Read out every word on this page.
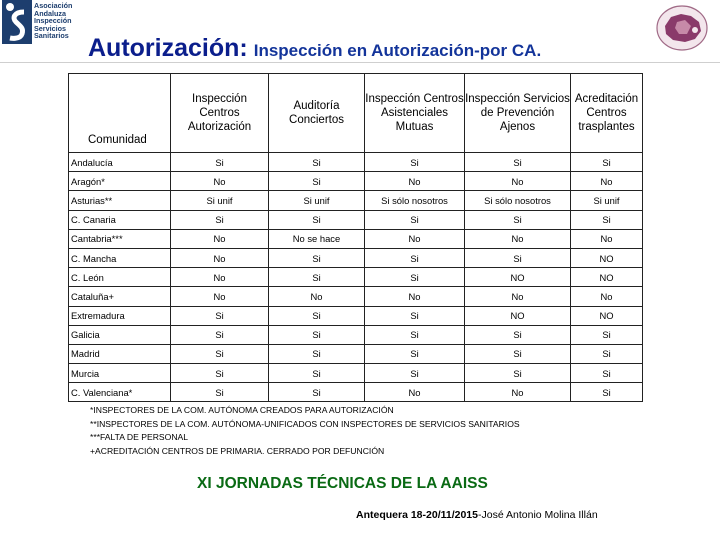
Asociación
Andaluza
Inspección
Servicios
Sanitarios Autorización: Inspección en Autorización-por CA.
Comunidad	Inspección Centros Autorización	Auditoría Conciertos	Inspección Centros Asistenciales Mutuas	Inspección Servicios de Prevención Ajenos	Acreditación Centros trasplantes
Andalucía	Si	Si	Si	Si	Si
Aragón*	No	Si	No	No	No
Asturias**	Si unif	Si unif	Si sólo nosotros	Si sólo nosotros	Si unif
C. Canaria	Si	Si	Si	Si	Si
Cantabria***	No	No se hace	No	No	No
C. Mancha	No	Si	Si	Si	NO
C. León	No	Si	Si	NO	NO
Cataluña+	No	No	No	No	No
Extremadura	Si	Si	Si	NO	NO
Galicia	Si	Si	Si	Si	Si
Madrid	Si	Si	Si	Si	Si
Murcia	Si	Si	Si	Si	Si
C. Valenciana*	Si	Si	No	No	Si
*INSPECTORES DE LA COM. AUTÓNOMA CREADOS PARA AUTORIZACIÓN
**INSPECTORES DE LA COM. AUTÓNOMA-UNIFICADOS CON INSPECTORES DE SERVICIOS SANITARIOS
***FALTA DE PERSONAL
+ACREDITACIÓN CENTROS DE PRIMARIA. CERRADO POR DEFUNCIÓN
XI JORNADAS TÉCNICAS DE LA AAISS
Antequera 18-20/11/2015-José Antonio Molina Illán
